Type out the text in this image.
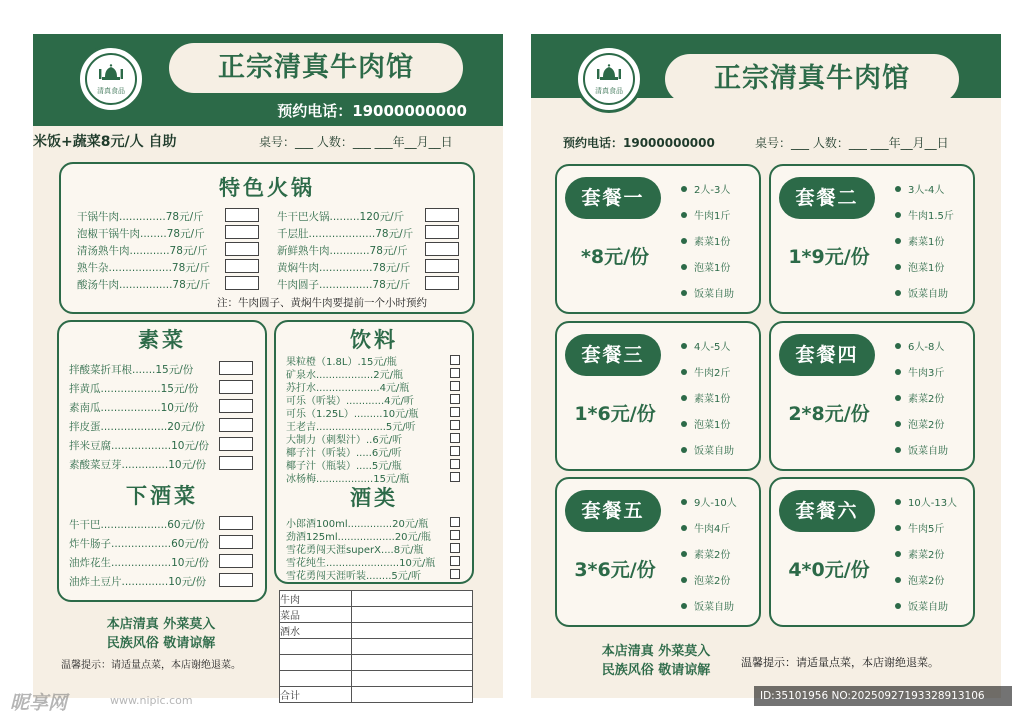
清真食品
正宗清真牛肉馆
预约电话：19000000000
米饭+蔬菜8元/人 自助	桌号：___ 人数：___ ___年__月__日
特色火锅
干锅牛肉..............78元/斤
泡椒干锅牛肉........78元/斤
清汤熟牛肉............78元/斤
熟牛杂...................78元/斤
酸汤牛肉................78元/斤
牛干巴火锅.........120元/斤
千层肚....................78元/斤
新鲜熟牛肉............78元/斤
黄焖牛肉................78元/斤
牛肉圆子................78元/斤
注：牛肉圆子、黄焖牛肉要提前一个小时预约
素菜
拌酸菜折耳根.......15元/份
拌黄瓜..................15元/份
素南瓜..................10元/份
拌皮蛋....................20元/份
拌米豆腐..................10元/份
素酸菜豆芽..............10元/份
下酒菜
牛干巴....................60元/份
炸牛肠子..................60元/份
油炸花生..................10元/份
油炸土豆片..............10元/份
饮料
果粒橙（1.8L）.15元/瓶
矿泉水..................2元/瓶
苏打水....................4元/瓶
可乐（听装）............4元/听
可乐（1.25L）.........10元/瓶
王老吉......................5元/听
大制力（刺梨汁）..6元/听
椰子汁（听装）.....6元/听
椰子汁（瓶装）.....5元/瓶
冰杨梅..................15元/瓶
酒类
小郎酒100ml..............20元/瓶
劲酒125ml..................20元/瓶
雪花勇闯天涯superX....8元/瓶
雪花纯生.......................10元/瓶
雪花勇闯天涯听装........5元/听
本店清真 外菜莫入
民族风俗 敬请谅解
温馨提示：请适量点菜，本店谢绝退菜。
牛肉	
菜品	
酒水	

合计	
清真食品	正宗清真牛肉馆
预约电话：19000000000	桌号：___ 人数：___ ___年__月__日
套餐一
*8元/份
2人-3人
牛肉1斤
素菜1份
泡菜1份
饭菜自助
套餐二
1*9元/份
3人-4人
牛肉1.5斤
素菜1份
泡菜1份
饭菜自助
套餐三
1*6元/份
4人-5人
牛肉2斤
素菜1份
泡菜1份
饭菜自助
套餐四
2*8元/份
6人-8人
牛肉3斤
素菜2份
泡菜2份
饭菜自助
套餐五
3*6元/份
9人-10人
牛肉4斤
素菜2份
泡菜2份
饭菜自助
套餐六
4*0元/份
10人-13人
牛肉5斤
素菜2份
泡菜2份
饭菜自助
本店清真 外菜莫入
民族风俗 敬请谅解
温馨提示：请适量点菜，本店谢绝退菜。
昵享网	www.nipic.com	ID:35101956 NO:20250927193328913106
